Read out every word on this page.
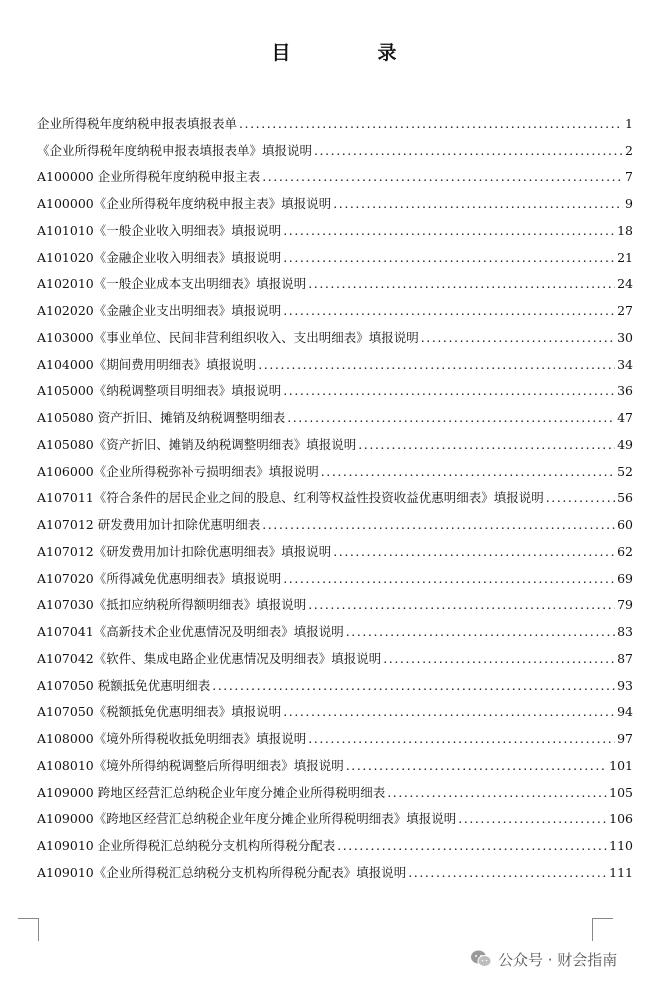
目　录
企业所得税年度纳税申报表填报表单 . . .	1
《企业所得税年度纳税申报表填报表单》填报说明 . . .	2
A100000 企业所得税年度纳税申报主表 . . .	7
A100000《企业所得税年度纳税申报主表》填报说明 . . .	9
A101010《一般企业收入明细表》填报说明 . . .	18
A101020《金融企业收入明细表》填报说明 . . .	21
A102010《一般企业成本支出明细表》填报说明 . . .	24
A102020《金融企业支出明细表》填报说明 . . .	27
A103000《事业单位、民间非营利组织收入、支出明细表》填报说明 . . .	30
A104000《期间费用明细表》填报说明 . . .	34
A105000《纳税调整项目明细表》填报说明 . . .	36
A105080 资产折旧、摊销及纳税调整明细表 . . .	47
A105080《资产折旧、摊销及纳税调整明细表》填报说明 . . .	49
A106000《企业所得税弥补亏损明细表》填报说明 . . .	52
A107011《符合条件的居民企业之间的股息、红利等权益性投资收益优惠明细表》填报说明 . . .	56
A107012 研发费用加计扣除优惠明细表 . . .	60
A107012《研发费用加计扣除优惠明细表》填报说明 . . .	62
A107020《所得减免优惠明细表》填报说明 . . .	69
A107030《抵扣应纳税所得额明细表》填报说明 . . .	79
A107041《高新技术企业优惠情况及明细表》填报说明 . . .	83
A107042《软件、集成电路企业优惠情况及明细表》填报说明 . . .	87
A107050 税额抵免优惠明细表 . . .	93
A107050《税额抵免优惠明细表》填报说明 . . .	94
A108000《境外所得税收抵免明细表》填报说明 . . .	97
A108010《境外所得纳税调整后所得明细表》填报说明 . . .	101
A109000 跨地区经营汇总纳税企业年度分摊企业所得税明细表 . . .	105
A109000《跨地区经营汇总纳税企业年度分摊企业所得税明细表》填报说明 . . .	106
A109010 企业所得税汇总纳税分支机构所得税分配表 . . .	110
A109010《企业所得税汇总纳税分支机构所得税分配表》填报说明 . . .	111
公众号 · 财会指南
